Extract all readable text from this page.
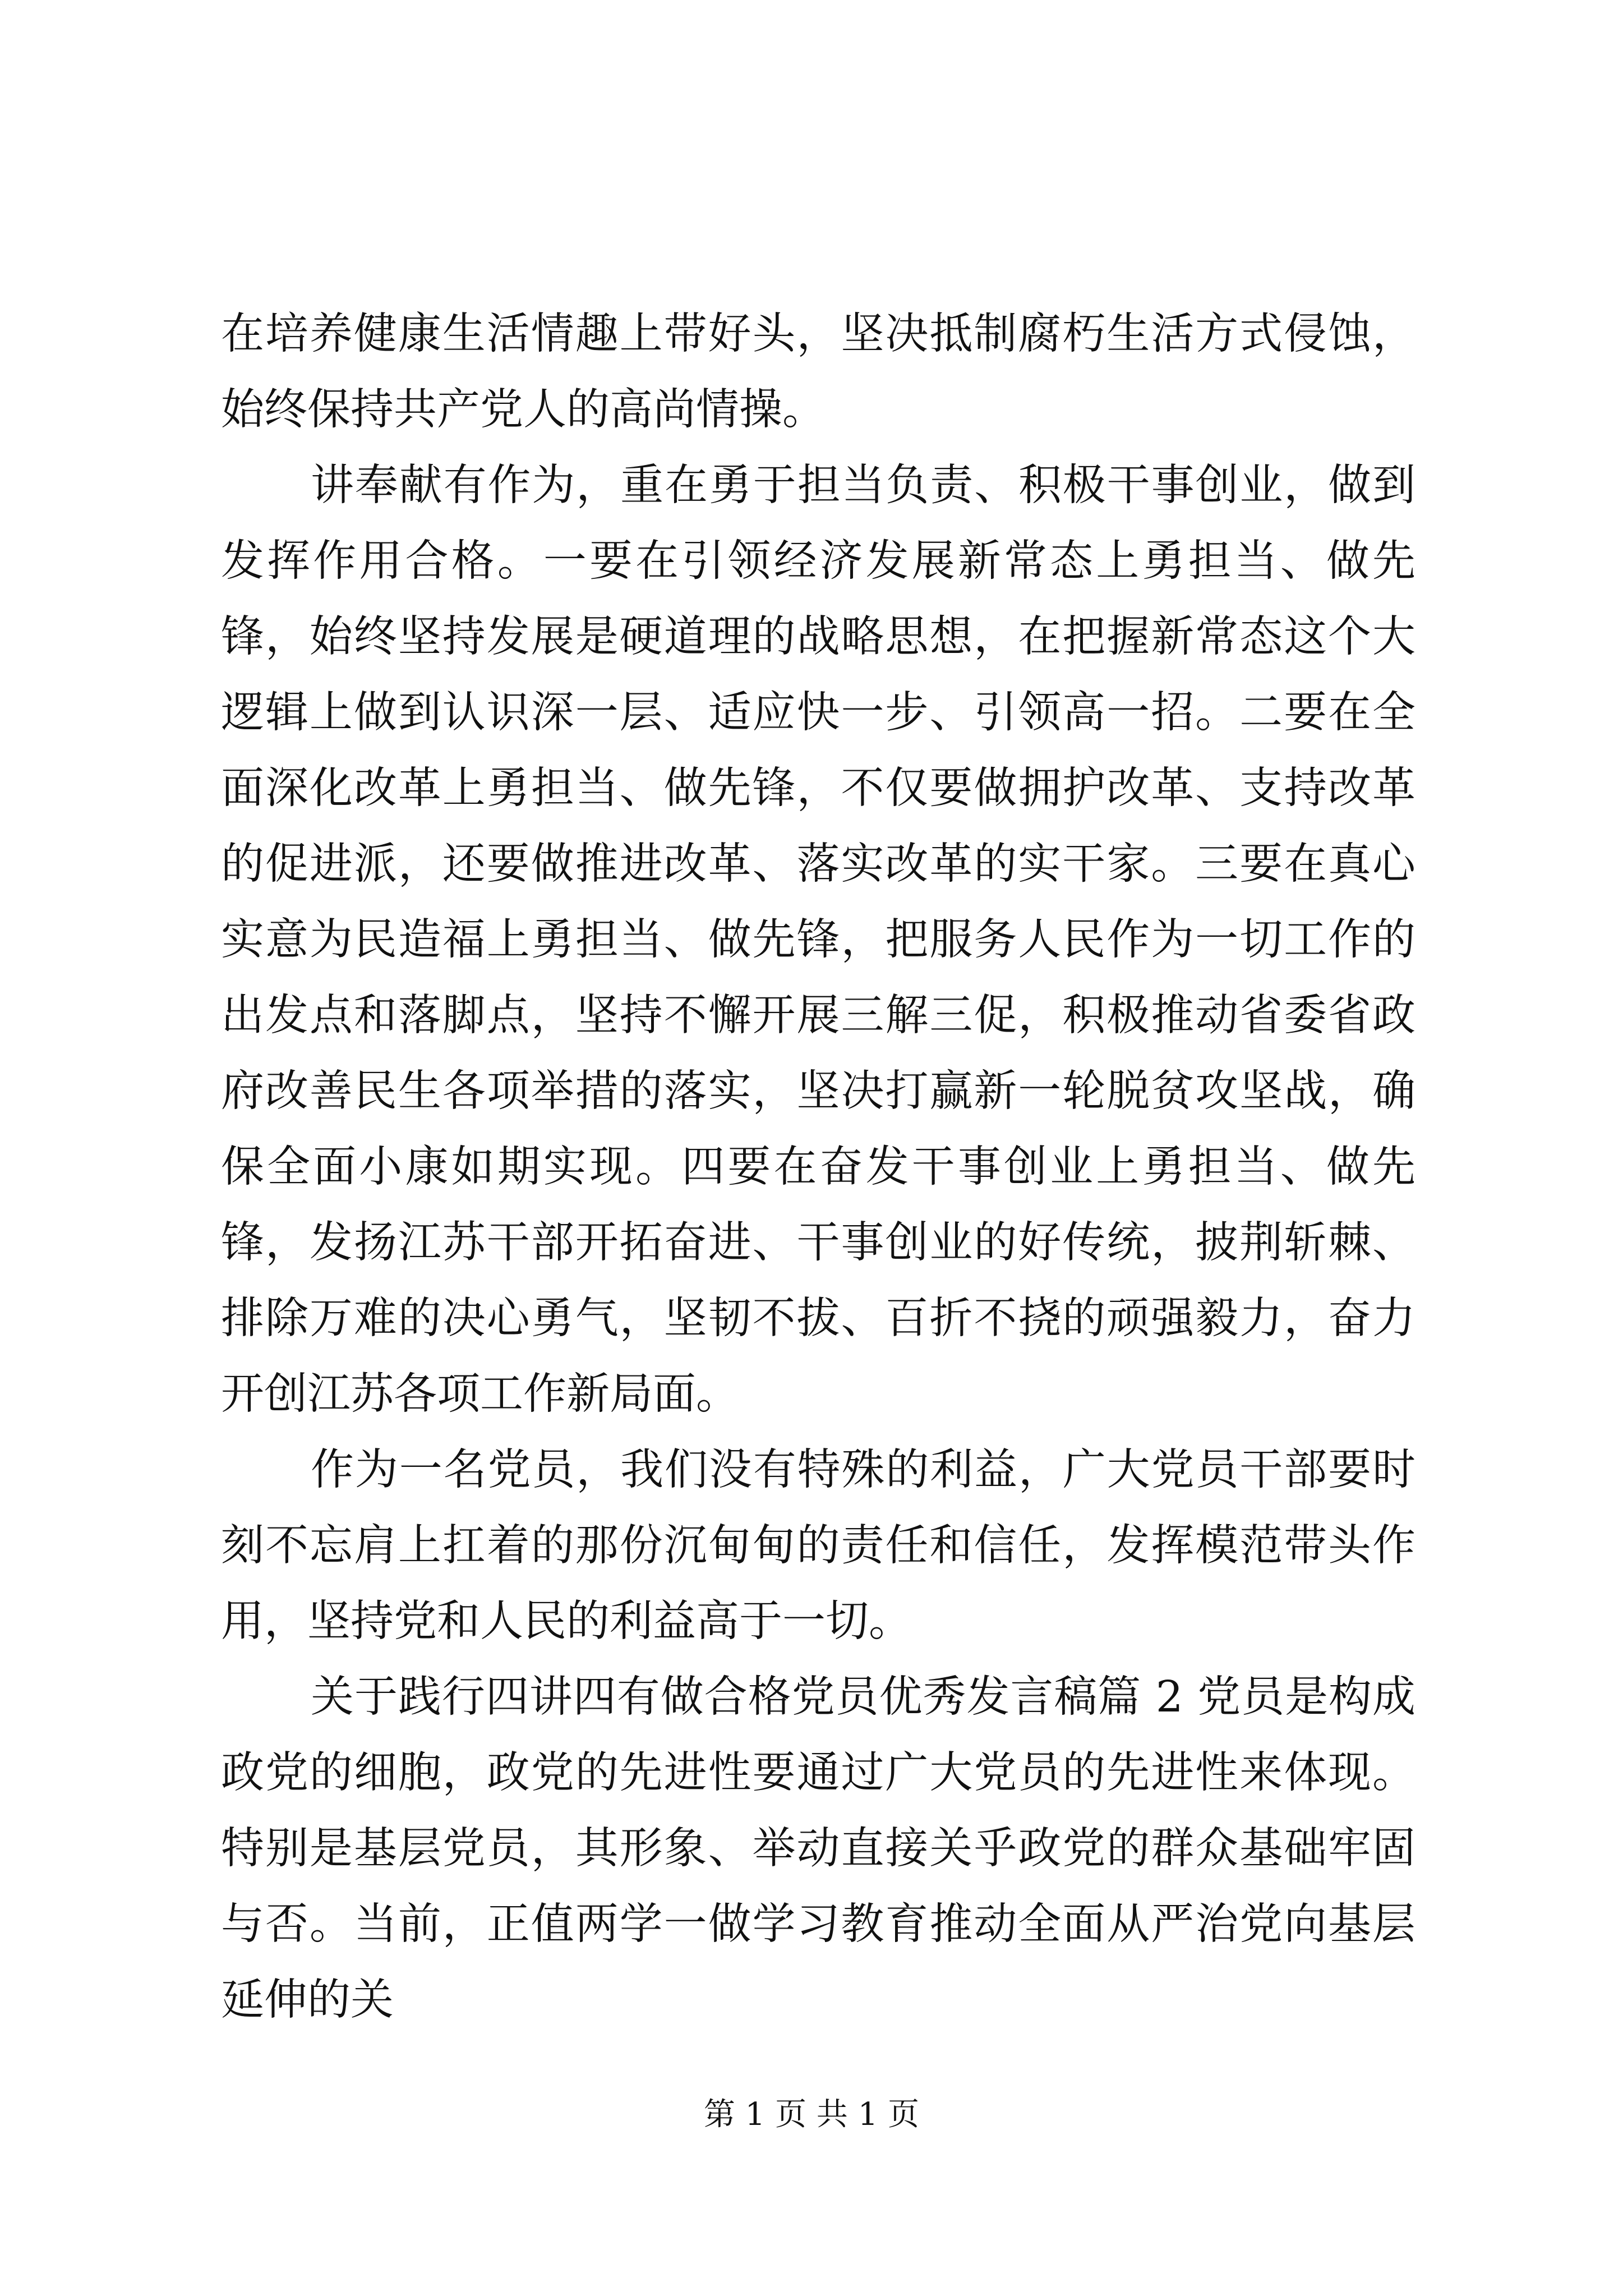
在培养健康生活情趣上带好头，坚决抵制腐朽生活方式侵蚀，始终保持共产党人的高尚情操。

讲奉献有作为，重在勇于担当负责、积极干事创业，做到发挥作用合格。一要在引领经济发展新常态上勇担当、做先锋，始终坚持发展是硬道理的战略思想，在把握新常态这个大逻辑上做到认识深一层、适应快一步、引领高一招。二要在全面深化改革上勇担当、做先锋，不仅要做拥护改革、支持改革的促进派，还要做推进改革、落实改革的实干家。三要在真心实意为民造福上勇担当、做先锋，把服务人民作为一切工作的出发点和落脚点，坚持不懈开展三解三促，积极推动省委省政府改善民生各项举措的落实，坚决打赢新一轮脱贫攻坚战，确保全面小康如期实现。四要在奋发干事创业上勇担当、做先锋，发扬江苏干部开拓奋进、干事创业的好传统，披荆斩棘、排除万难的决心勇气，坚韧不拔、百折不挠的顽强毅力，奋力开创江苏各项工作新局面。

作为一名党员，我们没有特殊的利益，广大党员干部要时刻不忘肩上扛着的那份沉甸甸的责任和信任，发挥模范带头作用，坚持党和人民的利益高于一切。

关于践行四讲四有做合格党员优秀发言稿篇 2 党员是构成政党的细胞，政党的先进性要通过广大党员的先进性来体现。特别是基层党员，其形象、举动直接关乎政党的群众基础牢固与否。当前，正值两学一做学习教育推动全面从严治党向基层延伸的关

第 1 页 共 1 页
